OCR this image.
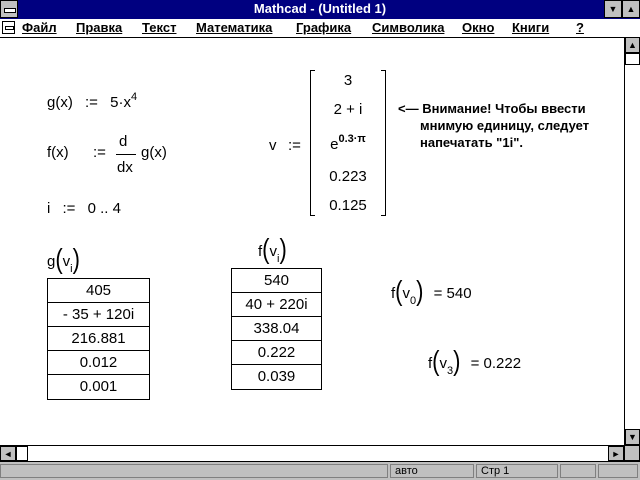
Mathcad - (Untitled 1)	▼	▲
Файл Правка Текст Математика Графика Символика Окно Книги ?
g(x) := $5\cdot x^4$
f(x) :=
d
dx
g(x)
i := 0 .. 4
v :=
3
2 + i
$e^{0.3\cdot\pi}$
0.223
0.125
<— Внимание! Чтобы ввести
мнимую единицу, следует
напечатать "1i".
$g(v_i)$
405
- 35 + 120i
216.881
0.012
0.001
$f(v_i)$
540
40 + 220i
338.04
0.222
0.039
$f(v_0) = 540$
$f(v_3) = 0.222$
▲
▼
◄	►
авто	Стр 1
